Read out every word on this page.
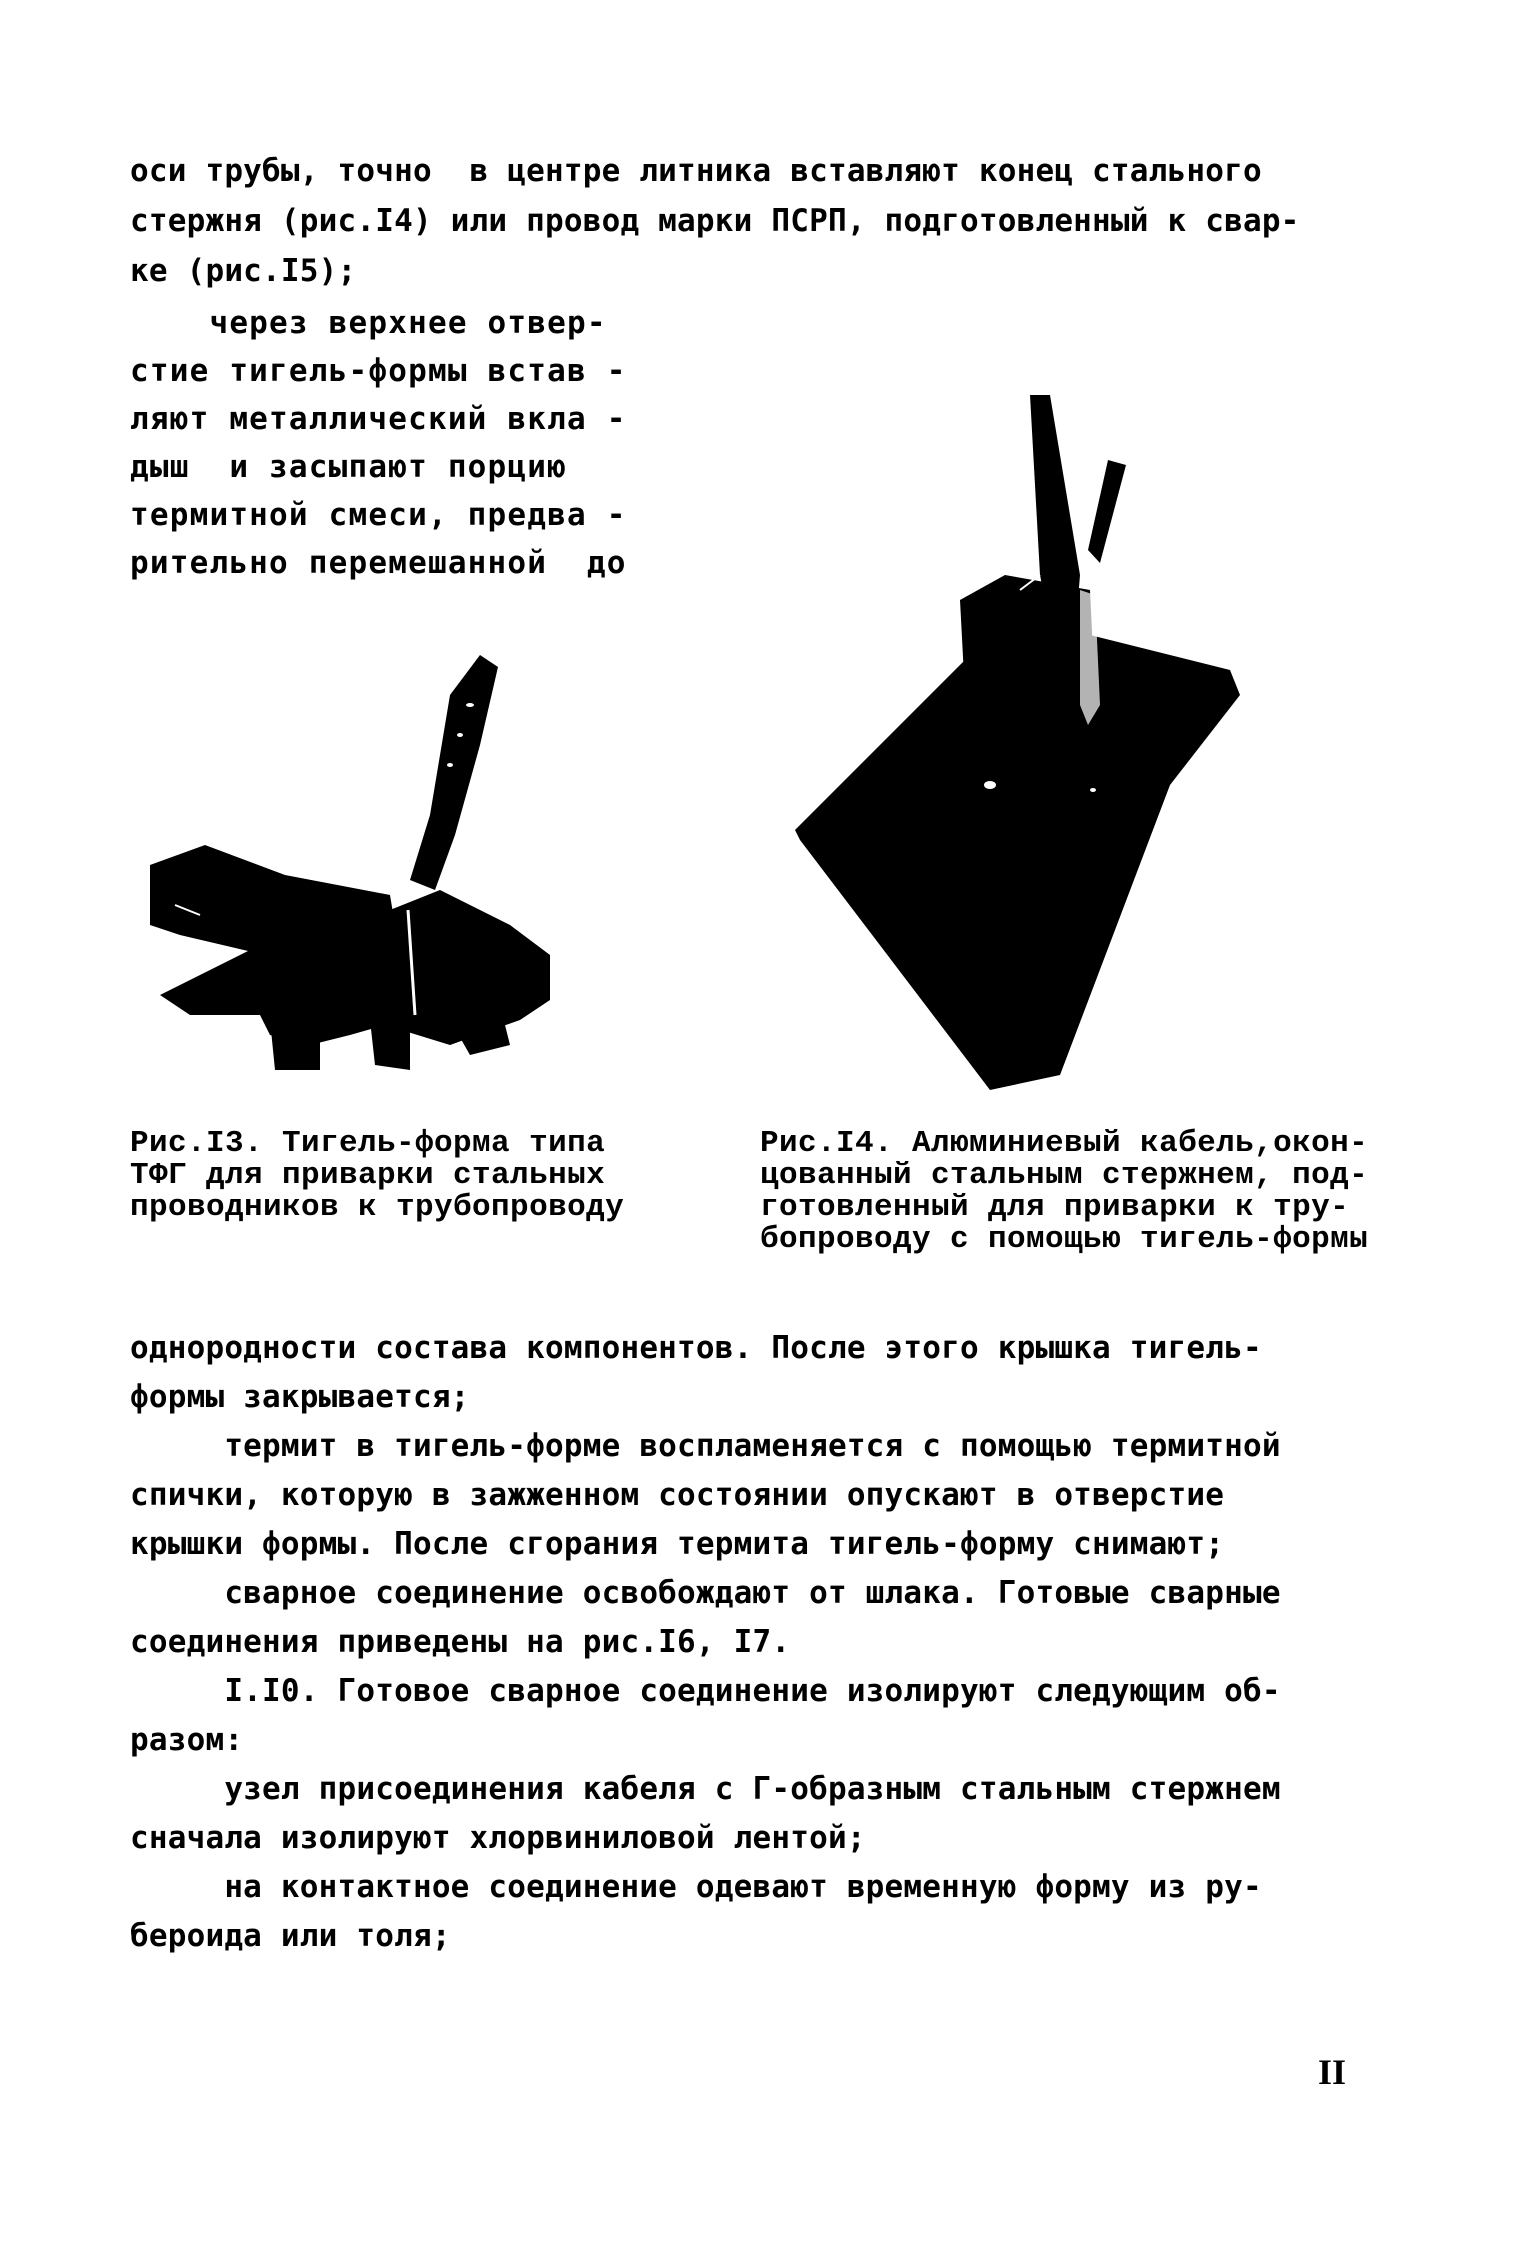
оси трубы, точно  в центре литника вставляют конец стального
стержня (рис.I4) или провод марки ПСРП, подготовленный к свар-
ке (рис.I5);
через верхнее отвер-
стие тигель-формы встав -
ляют металлический вкла -
дыш  и засыпают порцию
термитной смеси, предва -
рительно перемешанной  до
Рис.I3. Тигель-форма типа
ТФГ для приварки стальных
проводников к трубопроводу
Рис.I4. Алюминиевый кабель,окон-
цованный стальным стержнем, под-
готовленный для приварки к тру-
бопроводу с помощью тигель-формы
однородности состава компонентов. После этого крышка тигель-
формы закрывается;
термит в тигель-форме воспламеняется с помощью термитной
спички, которую в зажженном состоянии опускают в отверстие
крышки формы. После сгорания термита тигель-форму снимают;
сварное соединение освобождают от шлака. Готовые сварные
соединения приведены на рис.I6, I7.
I.I0. Готовое сварное соединение изолируют следующим об-
разом:
узел присоединения кабеля с Г-образным стальным стержнем
сначала изолируют хлорвиниловой лентой;
на контактное соединение одевают временную форму из ру-
бероида или толя;
II
